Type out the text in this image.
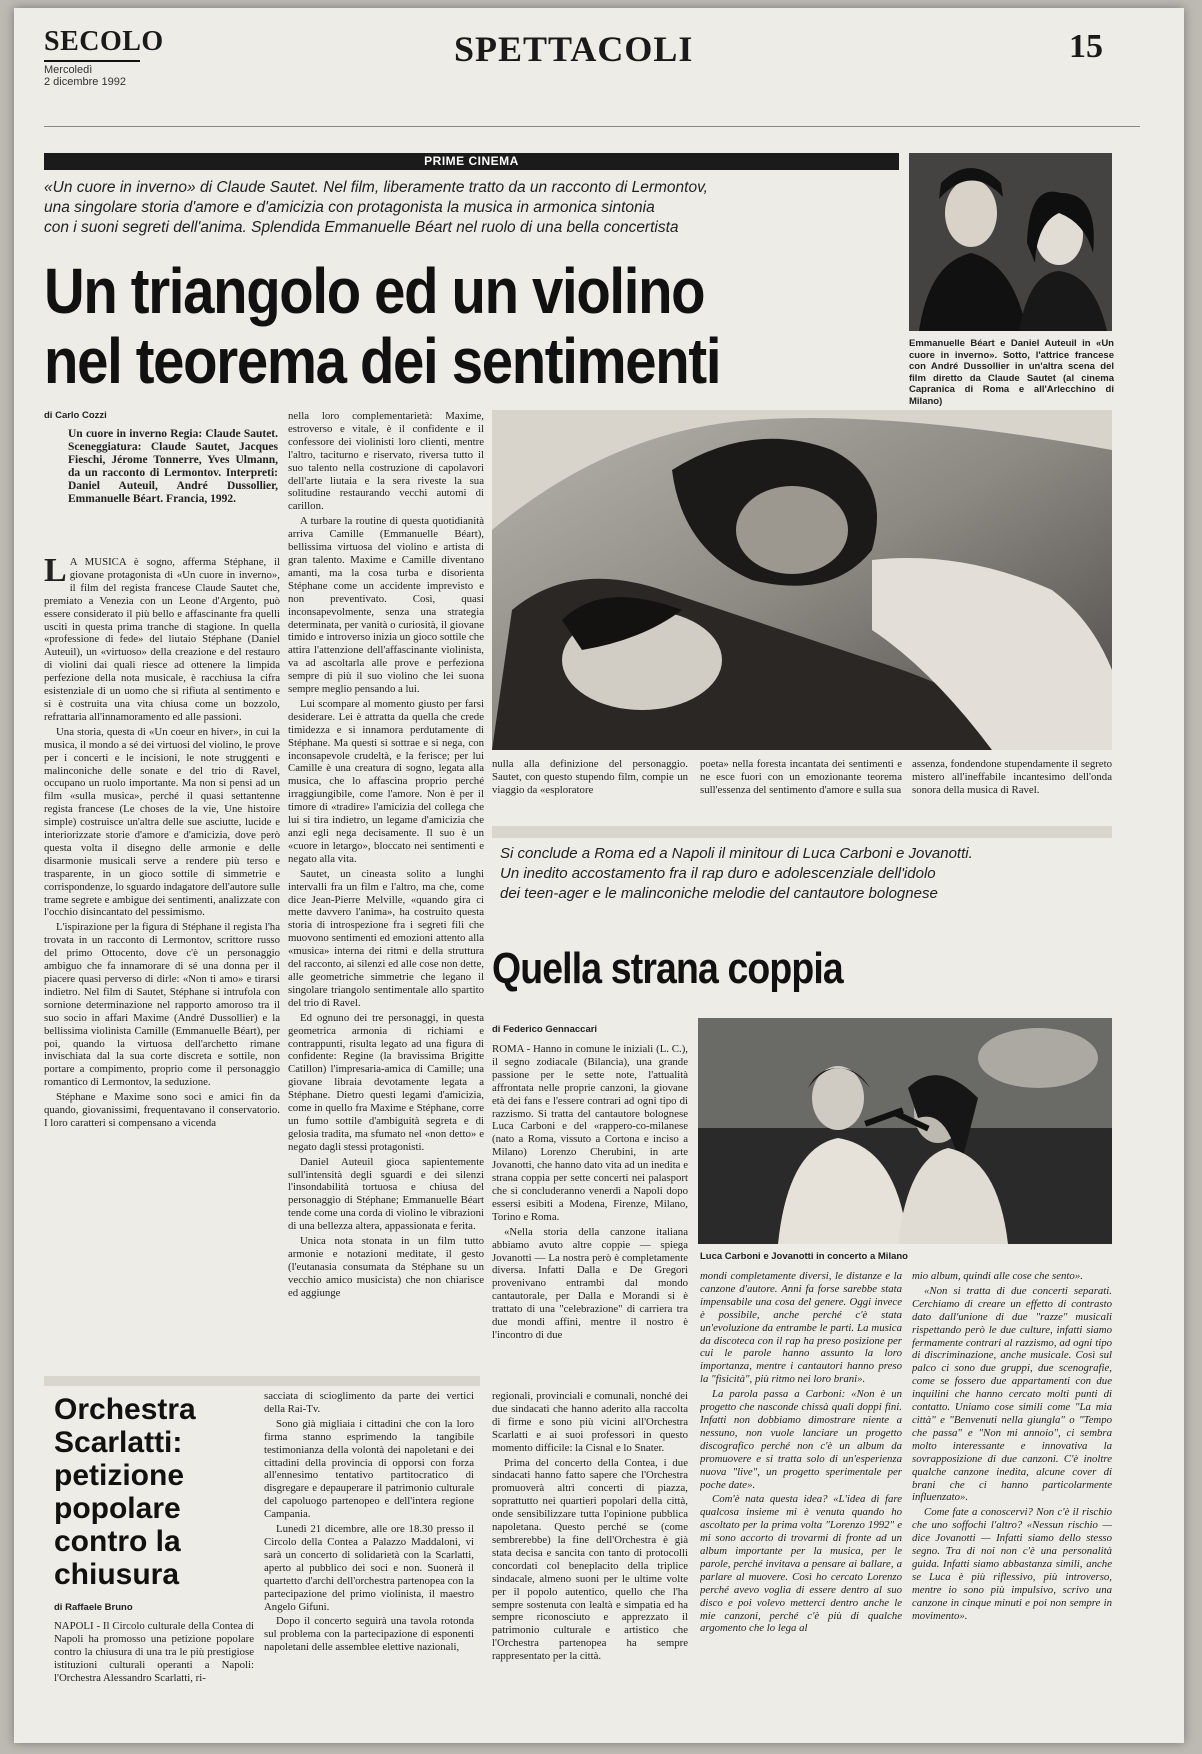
SECOLO
Mercoledì
2 dicembre 1992
SPETTACOLI	15
PRIME CINEMA
«Un cuore in inverno» di Claude Sautet. Nel film, liberamente tratto da un racconto di Lermontov,
una singolare storia d'amore e d'amicizia con protagonista la musica in armonica sintonia
con i suoni segreti dell'anima. Splendida Emmanuelle Béart nel ruolo di una bella concertista
Un triangolo ed un violino
nel teorema dei sentimenti	Emmanuelle Béart e Daniel Auteuil in «Un cuore in inverno». Sotto, l'attrice francese con André Dussollier in un'altra scena del film diretto da Claude Sautet (al cinema Capranica di Roma e all'Arlecchino di Milano)
di Carlo Cozzi
Un cuore in inverno Regia: Claude Sautet. Sceneggiatura: Claude Sautet, Jacques Fieschi, Jérome Tonnerre, Yves Ulmann, da un racconto di Lermontov. Interpreti: Daniel Auteuil, André Dussollier, Emmanuelle Béart. Francia, 1992.

L A MUSICA è sogno, afferma Stéphane, il giovane protagonista di «Un cuore in inverno», il film del regista francese Claude Sautet che, premiato a Venezia con un Leone d'Argento, può essere considerato il più bello e affascinante fra quelli usciti in questa prima tranche di stagione. In quella «professione di fede» del liutaio Stéphane (Daniel Auteuil), un «virtuoso» della creazione e del restauro di violini dai quali riesce ad ottenere la limpida perfezione della nota musicale, è racchiusa la cifra esistenziale di un uomo che si rifiuta al sentimento e si è costruita una vita chiusa come un bozzolo, refrattaria all'innamoramento ed alle passioni.

Una storia, questa di «Un coeur en hiver», in cui la musica, il mondo a sé dei virtuosi del violino, le prove per i concerti e le incisioni, le note struggenti e malinconiche delle sonate e del trio di Ravel, occupano un ruolo importante. Ma non si pensi ad un film «sulla musica», perché il quasi settantenne regista francese (Le choses de la vie, Une histoire simple) costruisce un'altra delle sue asciutte, lucide e interiorizzate storie d'amore e d'amicizia, dove però questa volta il disegno delle armonie e delle disarmonie musicali serve a rendere più terso e trasparente, in un gioco sottile di simmetrie e corrispondenze, lo sguardo indagatore dell'autore sulle trame segrete e ambigue dei sentimenti, analizzate con l'occhio disincantato del pessimismo.

L'ispirazione per la figura di Stéphane il regista l'ha trovata in un racconto di Lermontov, scrittore russo del primo Ottocento, dove c'è un personaggio ambiguo che fa innamorare di sé una donna per il piacere quasi perverso di dirle: «Non ti amo» e tirarsi indietro. Nel film di Sautet, Stéphane si intrufola con sornione determinazione nel rapporto amoroso tra il suo socio in affari Maxime (André Dussollier) e la bellissima violinista Camille (Emmanuelle Béart), per poi, quando la virtuosa dell'archetto rimane invischiata dal la sua corte discreta e sottile, non portare a compimento, proprio come il personaggio romantico di Lermontov, la seduzione.

Stéphane e Maxime sono soci e amici fin da quando, giovanissimi, frequentavano il conservatorio. I loro caratteri si compensano a vicenda

nella loro complementarietà: Maxime, estroverso e vitale, è il confidente e il confessore dei violinisti loro clienti, mentre l'altro, taciturno e riservato, riversa tutto il suo talento nella costruzione di capolavori dell'arte liutaia e la sera riveste la sua solitudine restaurando vecchi automi di carillon.

A turbare la routine di questa quotidianità arriva Camille (Emmanuelle Béart), bellissima virtuosa del violino e artista di gran talento. Maxime e Camille diventano amanti, ma la cosa turba e disorienta Stéphane come un accidente imprevisto e non preventivato. Così, quasi inconsapevolmente, senza una strategia determinata, per vanità o curiosità, il giovane timido e introverso inizia un gioco sottile che attira l'attenzione dell'affascinante violinista, va ad ascoltarla alle prove e perfeziona sempre di più il suo violino che lei suona sempre meglio pensando a lui.

Lui scompare al momento giusto per farsi desiderare. Lei è attratta da quella che crede timidezza e si innamora perdutamente di Stéphane. Ma questi si sottrae e si nega, con inconsapevole crudeltà, e la ferisce; per lui Camille è una creatura di sogno, legata alla musica, che lo affascina proprio perché irraggiungibile, come l'amore. Non è per il timore di «tradire» l'amicizia del collega che lui si tira indietro, un legame d'amicizia che anzi egli nega decisamente. Il suo è un «cuore in letargo», bloccato nei sentimenti e negato alla vita.

Sautet, un cineasta solito a lunghi intervalli fra un film e l'altro, ma che, come dice Jean-Pierre Melville, «quando gira ci mette davvero l'anima», ha costruito questa storia di introspezione fra i segreti fili che muovono sentimenti ed emozioni attento alla «musica» interna dei ritmi e della struttura del racconto, ai silenzi ed alle cose non dette, alle geometriche simmetrie che legano il singolare triangolo sentimentale allo spartito del trio di Ravel.

Ed ognuno dei tre personaggi, in questa geometrica armonia di richiami e contrappunti, risulta legato ad una figura di confidente: Regine (la bravissima Brigitte Catillon) l'impresaria-amica di Camille; una giovane libraia devotamente legata a Stéphane. Dietro questi legami d'amicizia, come in quello fra Maxime e Stéphane, corre un fumo sottile d'ambiguità segreta e di gelosia tradita, ma sfumato nel «non detto» e negato dagli stessi protagonisti.

Daniel Auteuil gioca sapientemente sull'intensità degli sguardi e dei silenzi l'insondabilità tortuosa e chiusa del personaggio di Stéphane; Emmanuelle Béart tende come una corda di violino le vibrazioni di una bellezza altera, appassionata e ferita.

Unica nota stonata in un film tutto armonie e notazioni meditate, il gesto (l'eutanasia consumata da Stéphane su un vecchio amico musicista) che non chiarisce ed aggiunge

nulla alla definizione del personaggio. Sautet, con questo stupendo film, compie un viaggio da «esploratore

poeta» nella foresta incantata dei sentimenti e ne esce fuori con un emozionante teorema sull'essenza del sentimento d'amore e sulla sua

assenza, fondendone stupendamente il segreto mistero all'ineffabile incantesimo dell'onda sonora della musica di Ravel.

Si conclude a Roma ed a Napoli il minitour di Luca Carboni e Jovanotti.
Un inedito accostamento fra il rap duro e adolescenziale dell'idolo
dei teen-ager e le malinconiche melodie del cantautore bolognese
Quella strana coppia
di Federico Gennaccari

ROMA - Hanno in comune le iniziali (L. C.), il segno zodiacale (Bilancia), una grande passione per le sette note, l'attualità affrontata nelle proprie canzoni, la giovane età dei fans e l'essere contrari ad ogni tipo di razzismo. Si tratta del cantautore bolognese Luca Carboni e del «rappero-co-milanese (nato a Roma, vissuto a Cortona e inciso a Milano) Lorenzo Cherubini, in arte Jovanotti, che hanno dato vita ad un inedita e strana coppia per sette concerti nei palasport che si concluderanno venerdì a Napoli dopo essersi esibiti a Modena, Firenze, Milano, Torino e Roma.

«Nella storia della canzone italiana abbiamo avuto altre coppie — spiega Jovanotti — La nostra però è completamente diversa. Infatti Dalla e De Gregori provenivano entrambi dal mondo cantautorale, per Dalla e Morandi si è trattato di una "celebrazione" di carriera tra due mondi affini, mentre il nostro è l'incontro di due

Luca Carboni e Jovanotti in concerto a Milano

mondi completamente diversi, le distanze e la canzone d'autore. Anni fa forse sarebbe stata impensabile una cosa del genere. Oggi invece è possibile, anche perché c'è stata un'evoluzione da entrambe le parti. La musica da discoteca con il rap ha preso posizione per cui le parole hanno assunto la loro importanza, mentre i cantautori hanno preso la "fisicità", più ritmo nei loro brani».

La parola passa a Carboni: «Non è un progetto che nasconde chissà quali doppi fini. Infatti non dobbiamo dimostrare niente a nessuno, non vuole lanciare un progetto discografico perché non c'è un album da promuovere e si tratta solo di un'esperienza nuova "live", un progetto sperimentale per poche date».

Com'è nata questa idea? «L'idea di fare qualcosa insieme mi è venuta quando ho ascoltato per la prima volta "Lorenzo 1992" e mi sono accorto di trovarmi di fronte ad un album importante per la musica, per le parole, perché invitava a pensare ai ballare, a parlare al muovere. Così ho cercato Lorenzo perché avevo voglia di essere dentro al suo disco e poi volevo metterci dentro anche le mie canzoni, perché c'è più di qualche argomento che lo lega al

mio album, quindi alle cose che sento».

«Non si tratta di due concerti separati. Cerchiamo di creare un effetto di contrasto dato dall'unione di due "razze" musicali rispettando però le due culture, infatti siamo fermamente contrari al razzismo, ad ogni tipo di discriminazione, anche musicale. Così sul palco ci sono due gruppi, due scenografie, come se fossero due appartamenti con due inquilini che hanno cercato molti punti di contatto. Uniamo cose simili come "La mia città" e "Benvenuti nella giungla" o "Tempo che passa" e "Non mi annoio", ci sembra molto interessante e innovativa la sovrapposizione di due canzoni. C'è inoltre qualche canzone inedita, alcune cover di brani che ci hanno particolarmente influenzato».

Come fate a conoscervi? Non c'è il rischio che uno soffochi l'altro? «Nessun rischio — dice Jovanotti — Infatti siamo dello stesso segno. Tra di noi non c'è una personalità guida. Infatti siamo abbastanza simili, anche se Luca è più riflessivo, più introverso, mentre io sono più impulsivo, scrivo una canzone in cinque minuti e poi non sempre in movimento».

Orchestra Scarlatti: petizione popolare contro la chiusura
di Raffaele Bruno

NAPOLI - Il Circolo culturale della Contea di Napoli ha promosso una petizione popolare contro la chiusura di una tra le più prestigiose istituzioni culturali operanti a Napoli: l'Orchestra Alessandro Scarlatti, ri-

sacciata di scioglimento da parte dei vertici della Rai-Tv.

Sono già migliaia i cittadini che con la loro firma stanno esprimendo la tangibile testimonianza della volontà dei napoletani e dei cittadini della provincia di opporsi con forza all'ennesimo tentativo partitocratico di disgregare e depauperare il patrimonio culturale del capoluogo partenopeo e dell'intera regione Campania.

Lunedì 21 dicembre, alle ore 18.30 presso il Circolo della Contea a Palazzo Maddaloni, vi sarà un concerto di solidarietà con la Scarlatti, aperto al pubblico dei soci e non. Suonerà il quartetto d'archi dell'orchestra partenopea con la partecipazione del primo violinista, il maestro Angelo Gifuni.

Dopo il concerto seguirà una tavola rotonda sul problema con la partecipazione di esponenti napoletani delle assemblee elettive nazionali,

regionali, provinciali e comunali, nonché dei due sindacati che hanno aderito alla raccolta di firme e sono più vicini all'Orchestra Scarlatti e ai suoi professori in questo momento difficile: la Cisnal e lo Snater.

Prima del concerto della Contea, i due sindacati hanno fatto sapere che l'Orchestra promuoverà altri concerti di piazza, soprattutto nei quartieri popolari della città, onde sensibilizzare tutta l'opinione pubblica napoletana. Questo perché se (come sembrerebbe) la fine dell'Orchestra è già stata decisa e sancita con tanto di protocolli concordati col beneplacito della triplice sindacale, almeno suoni per le ultime volte per il popolo autentico, quello che l'ha sempre sostenuta con lealtà e simpatia ed ha sempre riconosciuto e apprezzato il patrimonio culturale e artistico che l'Orchestra partenopea ha sempre rappresentato per la città.
